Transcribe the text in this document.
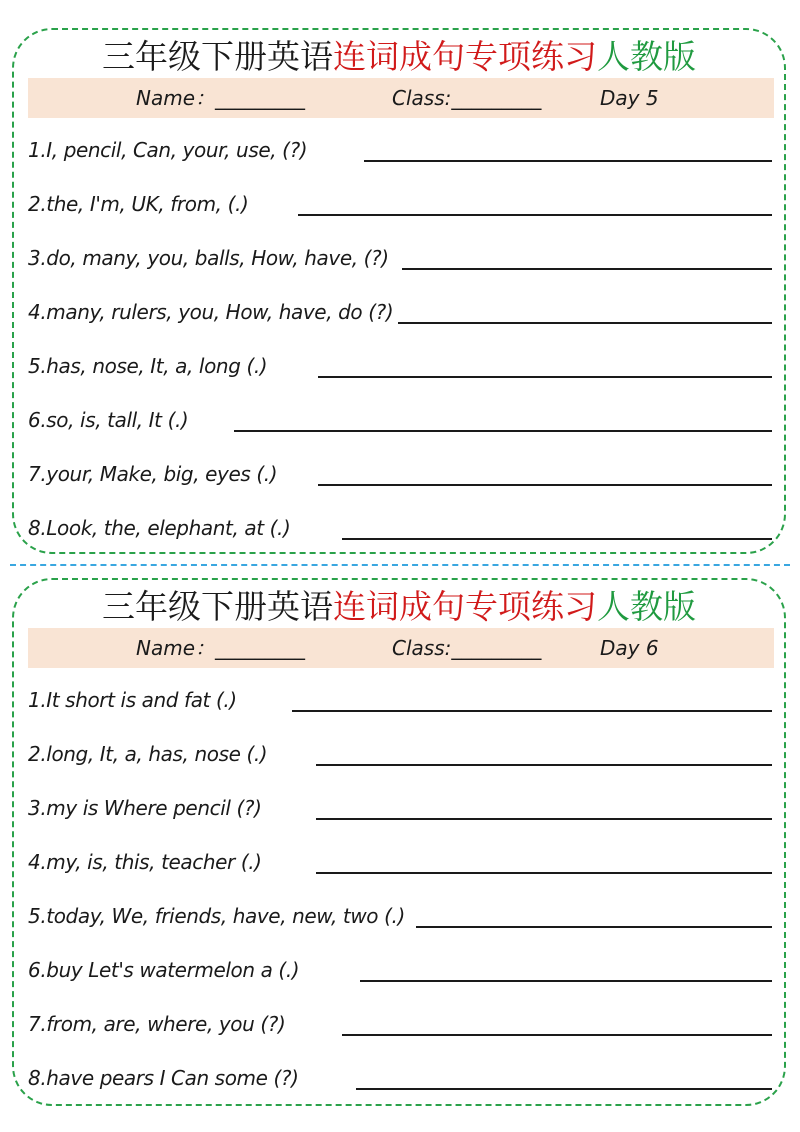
三年级下册英语连词成句专项练习人教版
Name：_________	Class:_________	Day 5
1.I, pencil, Can, your, use, (?)
2.the, I'm, UK, from, (.)
3.do, many, you, balls, How, have, (?)
4.many, rulers, you, How, have, do (?)
5.has, nose, It, a, long (.)
6.so, is, tall, It (.)
7.your, Make, big, eyes (.)
8.Look, the, elephant, at (.)
三年级下册英语连词成句专项练习人教版
Name：_________	Class:_________	Day 6
1.It short is and fat (.)
2.long, It, a, has, nose (.)
3.my is Where pencil (?)
4.my, is, this, teacher (.)
5.today, We, friends, have, new, two (.)
6.buy Let's watermelon a (.)
7.from, are, where, you (?)
8.have pears I Can some (?)
